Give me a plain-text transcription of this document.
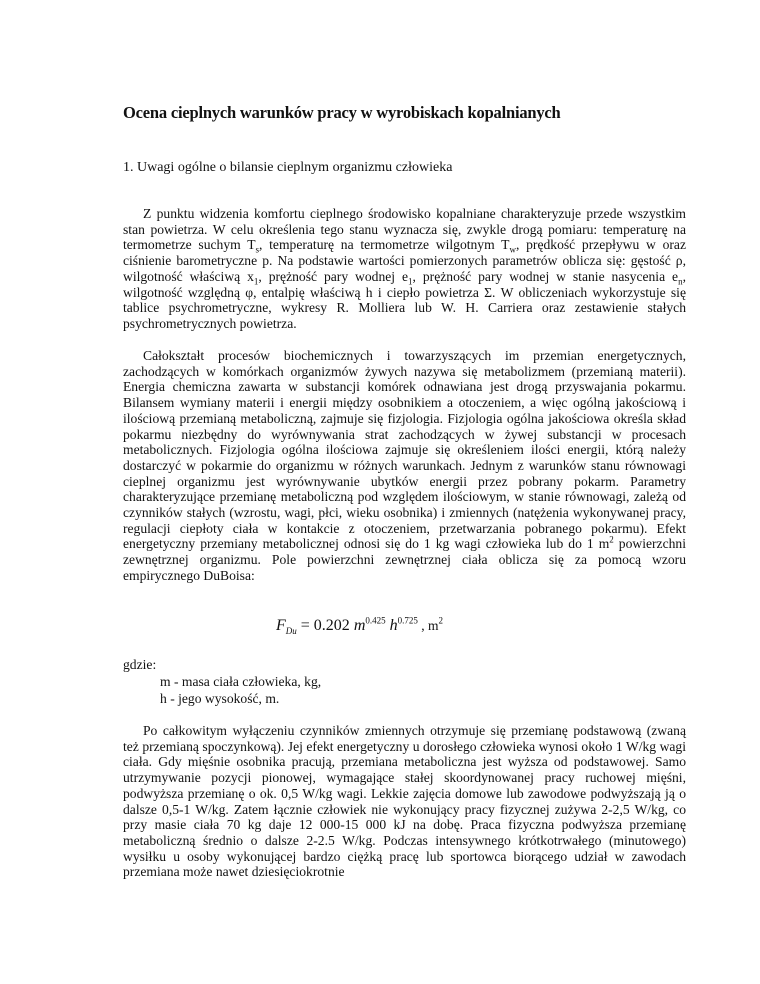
Ocena cieplnych warunków pracy w wyrobiskach kopalnianych
1. Uwagi ogólne o bilansie cieplnym organizmu człowieka

Z punktu widzenia komfortu cieplnego środowisko kopalniane charakteryzuje przede wszystkim stan powietrza. W celu określenia tego stanu wyznacza się, zwykle drogą pomiaru: temperaturę na termometrze suchym $T_s$, temperaturę na termometrze wilgotnym $T_w$, prędkość przepływu w oraz ciśnienie barometryczne p. Na podstawie wartości pomierzonych parametrów oblicza się: gęstość ρ, wilgotność właściwą $x_1$, prężność pary wodnej $e_1$, prężność pary wodnej w stanie nasycenia $e_n$, wilgotność względną φ, entalpię właściwą h i ciepło powietrza Σ. W obliczeniach wykorzystuje się tablice psychrometryczne, wykresy R. Molliera lub W. H. Carriera oraz zestawienie stałych psychrometrycznych powietrza.

Całokształt procesów biochemicznych i towarzyszących im przemian energetycznych, zachodzących w komórkach organizmów żywych nazywa się metabolizmem (przemianą materii). Energia chemiczna zawarta w substancji komórek odnawiana jest drogą przyswajania pokarmu. Bilansem wymiany materii i energii między osobnikiem a otoczeniem, a więc ogólną jakościową i ilościową przemianą metaboliczną, zajmuje się fizjologia. Fizjologia ogólna jakościowa określa skład pokarmu niezbędny do wyrównywania strat zachodzących w żywej substancji w procesach metabolicznych. Fizjologia ogólna ilościowa zajmuje się określeniem ilości energii, którą należy dostarczyć w pokarmie do organizmu w różnych warunkach. Jednym z warunków stanu równowagi cieplnej organizmu jest wyrównywanie ubytków energii przez pobrany pokarm. Parametry charakteryzujące przemianę metaboliczną pod względem ilościowym, w stanie równowagi, zależą od czynników stałych (wzrostu, wagi, płci, wieku osobnika) i zmiennych (natężenia wykonywanej pracy, regulacji ciepłoty ciała w kontakcie z otoczeniem, przetwarzania pobranego pokarmu). Efekt energetyczny przemiany metabolicznej odnosi się do 1 kg wagi człowieka lub do 1 $m^2$ powierzchni zewnętrznej organizmu. Pole powierzchni zewnętrznej ciała oblicza się za pomocą wzoru empirycznego DuBoisa:

$F_{Du} = 0.202$ $m^{0.425}$ $h^{0.725}$ , $m^2$
gdzie:
m - masa ciała człowieka, kg,
h - jego wysokość, m.

Po całkowitym wyłączeniu czynników zmiennych otrzymuje się przemianę podstawową (zwaną też przemianą spoczynkową). Jej efekt energetyczny u dorosłego człowieka wynosi około 1 W/kg wagi ciała. Gdy mięśnie osobnika pracują, przemiana metaboliczna jest wyższa od podstawowej. Samo utrzymywanie pozycji pionowej, wymagające stałej skoordynowanej pracy ruchowej mięśni, podwyższa przemianę o ok. 0,5 W/kg wagi. Lekkie zajęcia domowe lub zawodowe podwyższają ją o dalsze 0,5-1 W/kg. Zatem łącznie człowiek nie wykonujący pracy fizycznej zużywa 2-2,5 W/kg, co przy masie ciała 70 kg daje 12 000-15 000 kJ na dobę. Praca fizyczna podwyższa przemianę metaboliczną średnio o dalsze 2-2.5 W/kg. Podczas intensywnego krótkotrwałego (minutowego) wysiłku u osoby wykonującej bardzo ciężką pracę lub sportowca biorącego udział w zawodach przemiana może nawet dziesięciokrotnie
